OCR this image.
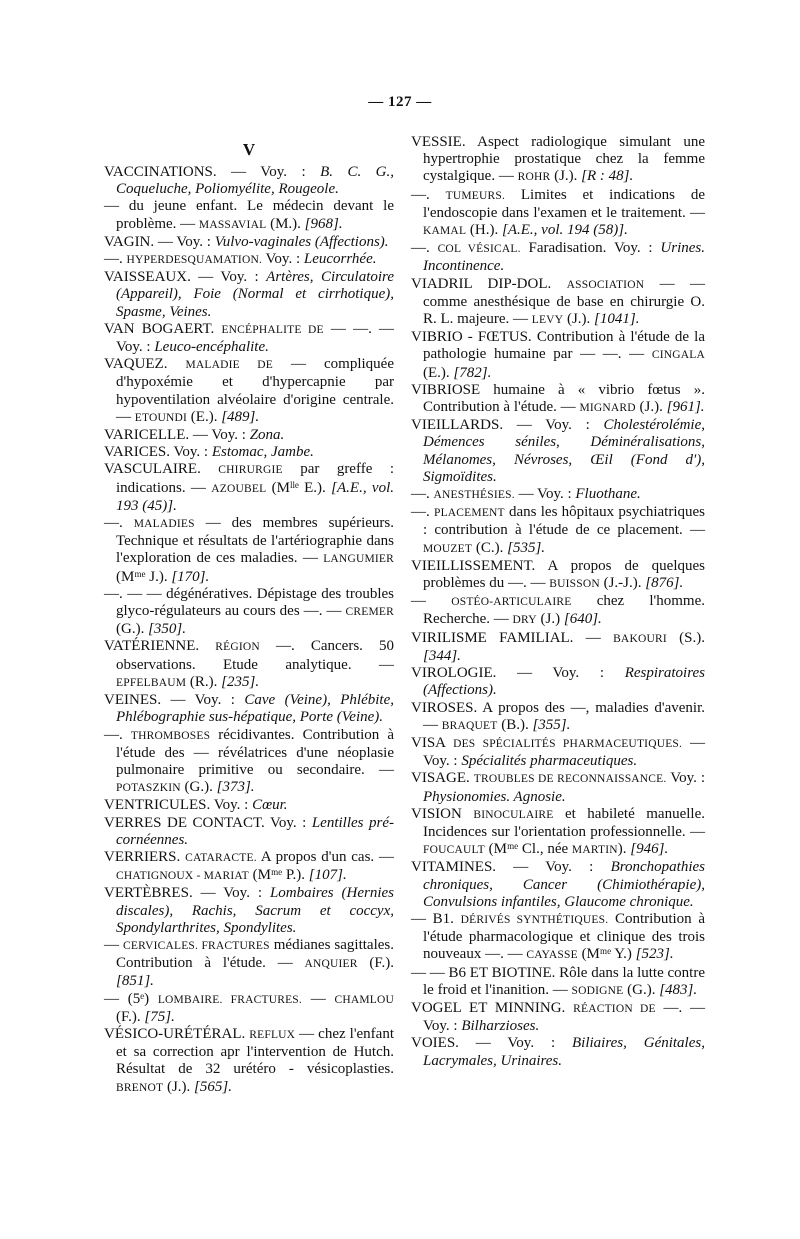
— 127 —
V
VACCINATIONS. — Voy. : B. C. G., Coqueluche, Poliomyélite, Rougeole.
— du jeune enfant. Le médecin devant le problème. — MASSAVIAL (M.). [968].
VAGIN. — Voy. : Vulvo-vaginales (Affections).
—. HYPERDESQUAMATION. Voy. : Leucorrhée.
VAISSEAUX. — Voy. : Artères, Circulatoire (Appareil), Foie (Normal et cirrhotique), Spasme, Veines.
VAN BOGAERT. ENCÉPHALITE DE — —. — Voy. : Leuco-encéphalite.
VAQUEZ. MALADIE DE — compliquée d'hypoxémie et d'hypercapnie par hypoventilation alvéolaire d'origine centrale. — ETOUNDI (E.). [489].
VARICELLE. — Voy. : Zona.
VARICES. Voy. : Estomac, Jambe.
VASCULAIRE. CHIRURGIE par greffe : indications. — AZOUBEL (Mˡˡᵉ E.). [A.E., vol. 193 (45)].
—. MALADIES — des membres supérieurs. Technique et résultats de l'artériographie dans l'exploration de ces maladies. — LANGUMIER (Mᵐᵉ J.). [170].
—. — — dégénératives. Dépistage des troubles glyco-régulateurs au cours des —. — CREMER (G.). [350].
VATÉRIENNE. RÉGION —. Cancers. 50 observations. Etude analytique. — EPFELBAUM (R.). [235].
VEINES. — Voy. : Cave (Veine), Phlébite, Phlébographie sus-hépatique, Porte (Veine).
—. THROMBOSES récidivantes. Contribution à l'étude des — révélatrices d'une néoplasie pulmonaire primitive ou secondaire. — POTASZKIN (G.). [373].
VENTRICULES. Voy. : Cœur.
VERRES DE CONTACT. Voy. : Lentilles pré-cornéennes.
VERRIERS. CATARACTE. A propos d'un cas. — CHATIGNOUX - MARIAT (Mᵐᵉ P.). [107].
VERTÈBRES. — Voy. : Lombaires (Hernies discales), Rachis, Sacrum et coccyx, Spondylarthrites, Spondylites.
— CERVICALES. FRACTURES médianes sagittales. Contribution à l'étude. — ANQUIER (F.). [851].
— (5ᵉ) LOMBAIRE. FRACTURES. — CHAMLOU (F.). [75].
VÉSICO-URÉTÉRAL. REFLUX — chez l'enfant et sa correction apr l'intervention de Hutch. Résultat de 32 urétéro - vésicoplasties. BRENOT (J.). [565].
VESSIE. Aspect radiologique simulant une hypertrophie prostatique chez la femme cystalgique. — ROHR (J.). [R : 48].
—. TUMEURS. Limites et indications de l'endoscopie dans l'examen et le traitement. — KAMAL (H.). [A.E., vol. 194 (58)].
—. COL VÉSICAL. Faradisation. Voy. : Urines. Incontinence.
VIADRIL DIP-DOL. ASSOCIATION — — comme anesthésique de base en chirurgie O. R. L. majeure. — LEVY (J.). [1041].
VIBRIO - FŒTUS. Contribution à l'étude de la pathologie humaine par — —. — CINGALA (E.). [782].
VIBRIOSE humaine à « vibrio fœtus ». Contribution à l'étude. — MIGNARD (J.). [961].
VIEILLARDS. — Voy. : Cholestérolémie, Démences séniles, Déminéralisations, Mélanomes, Névroses, Œil (Fond d'), Sigmoïdites.
—. ANESTHÉSIES. — Voy. : Fluothane.
—. PLACEMENT dans les hôpitaux psychiatriques : contribution à l'étude de ce placement. — MOUZET (C.). [535].
VIEILLISSEMENT. A propos de quelques problèmes du —. — BUISSON (J.-J.). [876].
— OSTÉO-ARTICULAIRE chez l'homme. Recherche. — DRY (J.) [640].
VIRILISME FAMILIAL. — BAKOURI (S.). [344].
VIROLOGIE. — Voy. : Respiratoires (Affections).
VIROSES. A propos des —, maladies d'avenir. — BRAQUET (B.). [355].
VISA DES SPÉCIALITÉS PHARMACEUTIQUES. — Voy. : Spécialités pharmaceutiques.
VISAGE. TROUBLES DE RECONNAISSANCE. Voy. : Physionomies. Agnosie.
VISION BINOCULAIRE et habileté manuelle. Incidences sur l'orientation professionnelle. — FOUCAULT (Mᵐᵉ Cl., née MARTIN). [946].
VITAMINES. — Voy. : Bronchopathies chroniques, Cancer (Chimiothérapie), Convulsions infantiles, Glaucome chronique.
— B1. DÉRIVÉS SYNTHÉTIQUES. Contribution à l'étude pharmacologique et clinique des trois nouveaux —. — CAYASSE (Mᵐᵉ Y.) [523].
— — B6 ET BIOTINE. Rôle dans la lutte contre le froid et l'inanition. — SODIGNE (G.). [483].
VOGEL ET MINNING. RÉACTION DE —. — Voy. : Bilharzioses.
VOIES. — Voy. : Biliaires, Génitales, Lacrymales, Urinaires.
